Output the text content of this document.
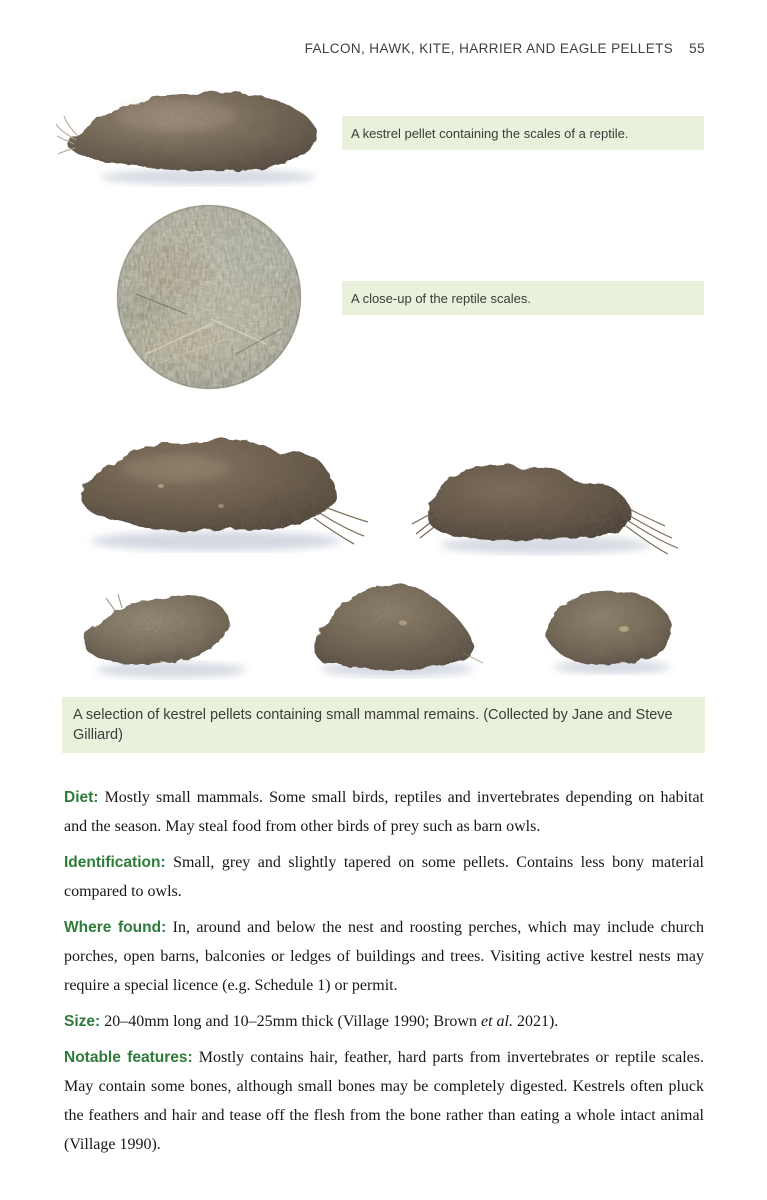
FALCON, HAWK, KITE, HARRIER AND EAGLE PELLETS 55
A kestrel pellet containing the scales of a reptile.
A close-up of the reptile scales.
A selection of kestrel pellets containing small mammal remains. (Collected by Jane and Steve Gilliard)

Diet: Mostly small mammals. Some small birds, reptiles and invertebrates depending on habitat and the season. May steal food from other birds of prey such as barn owls.

Identification: Small, grey and slightly tapered on some pellets. Contains less bony material compared to owls.

Where found: In, around and below the nest and roosting perches, which may include church porches, open barns, balconies or ledges of buildings and trees. Visiting active kestrel nests may require a special licence (e.g. Schedule 1) or permit.

Size: 20–40mm long and 10–25mm thick (Village 1990; Brown et al. 2021).

Notable features: Mostly contains hair, feather, hard parts from invertebrates or reptile scales. May contain some bones, although small bones may be completely digested. Kestrels often pluck the feathers and hair and tease off the flesh from the bone rather than eating a whole intact animal (Village 1990).
